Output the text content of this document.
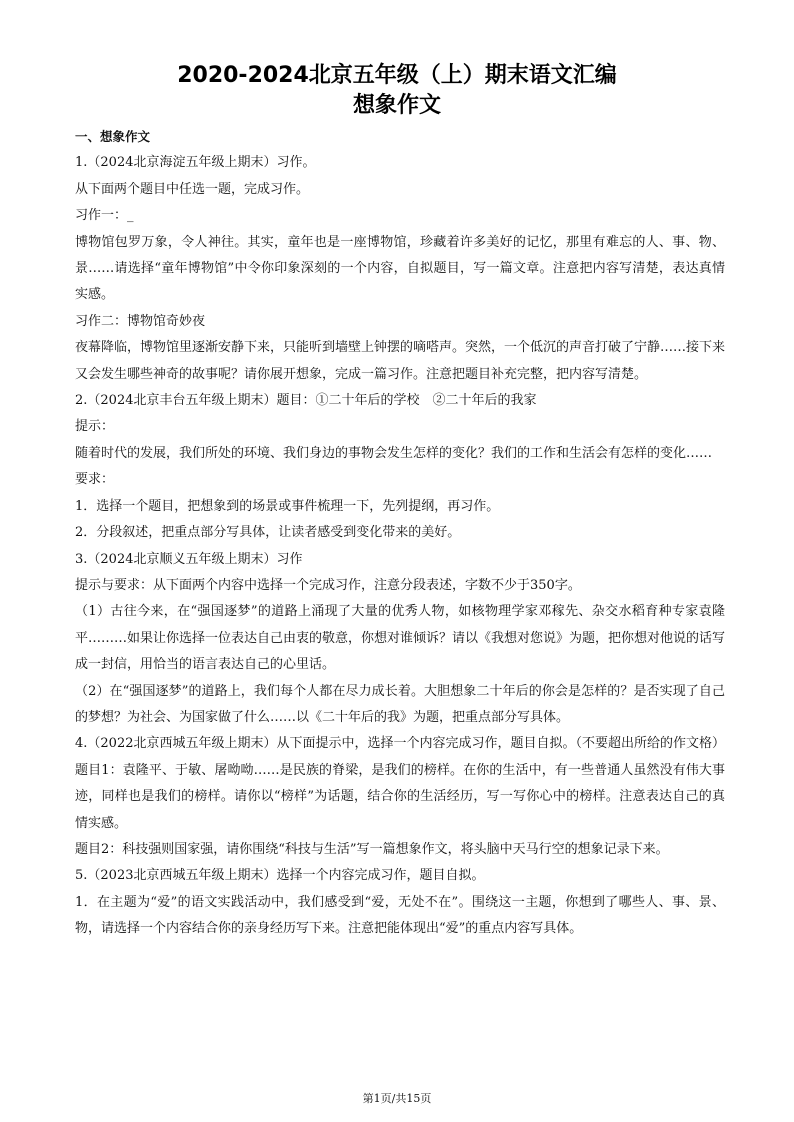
2020-2024北京五年级（上）期末语文汇编
想象作文

一、想象作文

1.（2024北京海淀五年级上期末）习作。

从下面两个题目中任选一题，完成习作。

习作一：_

博物馆包罗万象，令人神往。其实，童年也是一座博物馆，珍藏着许多美好的记忆，那里有难忘的人、事、物、景……请选择“童年博物馆”中令你印象深刻的一个内容，自拟题目，写一篇文章。注意把内容写清楚，表达真情实感。

习作二：博物馆奇妙夜

夜幕降临，博物馆里逐渐安静下来，只能听到墙壁上钟摆的嘀嗒声。突然，一个低沉的声音打破了宁静……接下来又会发生哪些神奇的故事呢？请你展开想象，完成一篇习作。注意把题目补充完整，把内容写清楚。

2.（2024北京丰台五年级上期末）题目：①二十年后的学校　②二十年后的我家

提示：

随着时代的发展，我们所处的环境、我们身边的事物会发生怎样的变化？我们的工作和生活会有怎样的变化……

要求：

1．选择一个题目，把想象到的场景或事件梳理一下，先列提纲，再习作。

2．分段叙述，把重点部分写具体，让读者感受到变化带来的美好。

3.（2024北京顺义五年级上期末）习作

提示与要求：从下面两个内容中选择一个完成习作，注意分段表述，字数不少于350字。

（1）古往今来，在“强国逐梦”的道路上涌现了大量的优秀人物，如核物理学家邓稼先、杂交水稻育种专家袁隆平………如果让你选择一位表达自己由衷的敬意，你想对谁倾诉？请以《我想对您说》为题，把你想对他说的话写成一封信，用恰当的语言表达自己的心里话。

（2）在“强国逐梦”的道路上，我们每个人都在尽力成长着。大胆想象二十年后的你会是怎样的？是否实现了自己的梦想？为社会、为国家做了什么……以《二十年后的我》为题，把重点部分写具体。

4.（2022北京西城五年级上期末）从下面提示中，选择一个内容完成习作，题目自拟。（不要超出所给的作文格）

题目1：袁隆平、于敏、屠呦呦……是民族的脊梁，是我们的榜样。在你的生活中，有一些普通人虽然没有伟大事迹，同样也是我们的榜样。请你以“榜样”为话题，结合你的生活经历，写一写你心中的榜样。注意表达自己的真情实感。

题目2：科技强则国家强，请你围绕“科技与生活”写一篇想象作文，将头脑中天马行空的想象记录下来。

5.（2023北京西城五年级上期末）选择一个内容完成习作，题目自拟。

1．在主题为“爱”的语文实践活动中，我们感受到“爱，无处不在”。围绕这一主题，你想到了哪些人、事、景、物，请选择一个内容结合你的亲身经历写下来。注意把能体现出“爱”的重点内容写具体。

第1页/共15页
